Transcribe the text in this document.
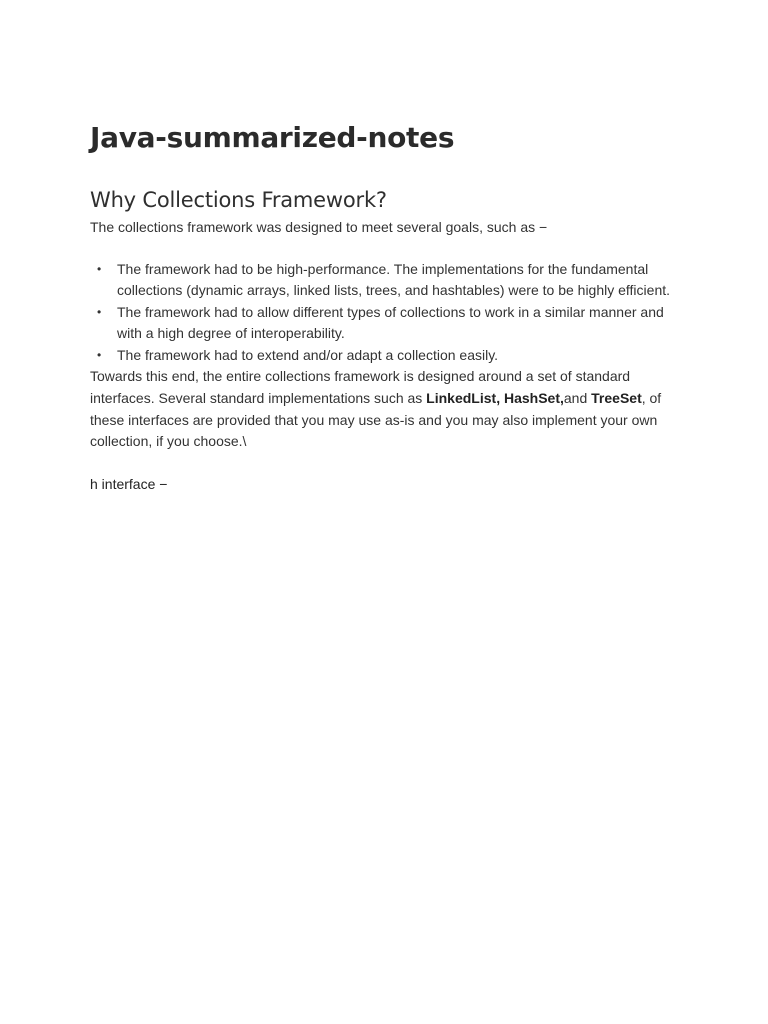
Java-summarized-notes
Why Collections Framework?

The collections framework was designed to meet several goals, such as −

• The framework had to be high-performance. The implementations for the fundamental collections (dynamic arrays, linked lists, trees, and hashtables) were to be highly efficient.
• The framework had to allow different types of collections to work in a similar manner and with a high degree of interoperability.
• The framework had to extend and/or adapt a collection easily.

Towards this end, the entire collections framework is designed around a set of standard interfaces. Several standard implementations such as LinkedList, HashSet,and TreeSet, of these interfaces are provided that you may use as-is and you may also implement your own collection, if you choose.\

h interface −
